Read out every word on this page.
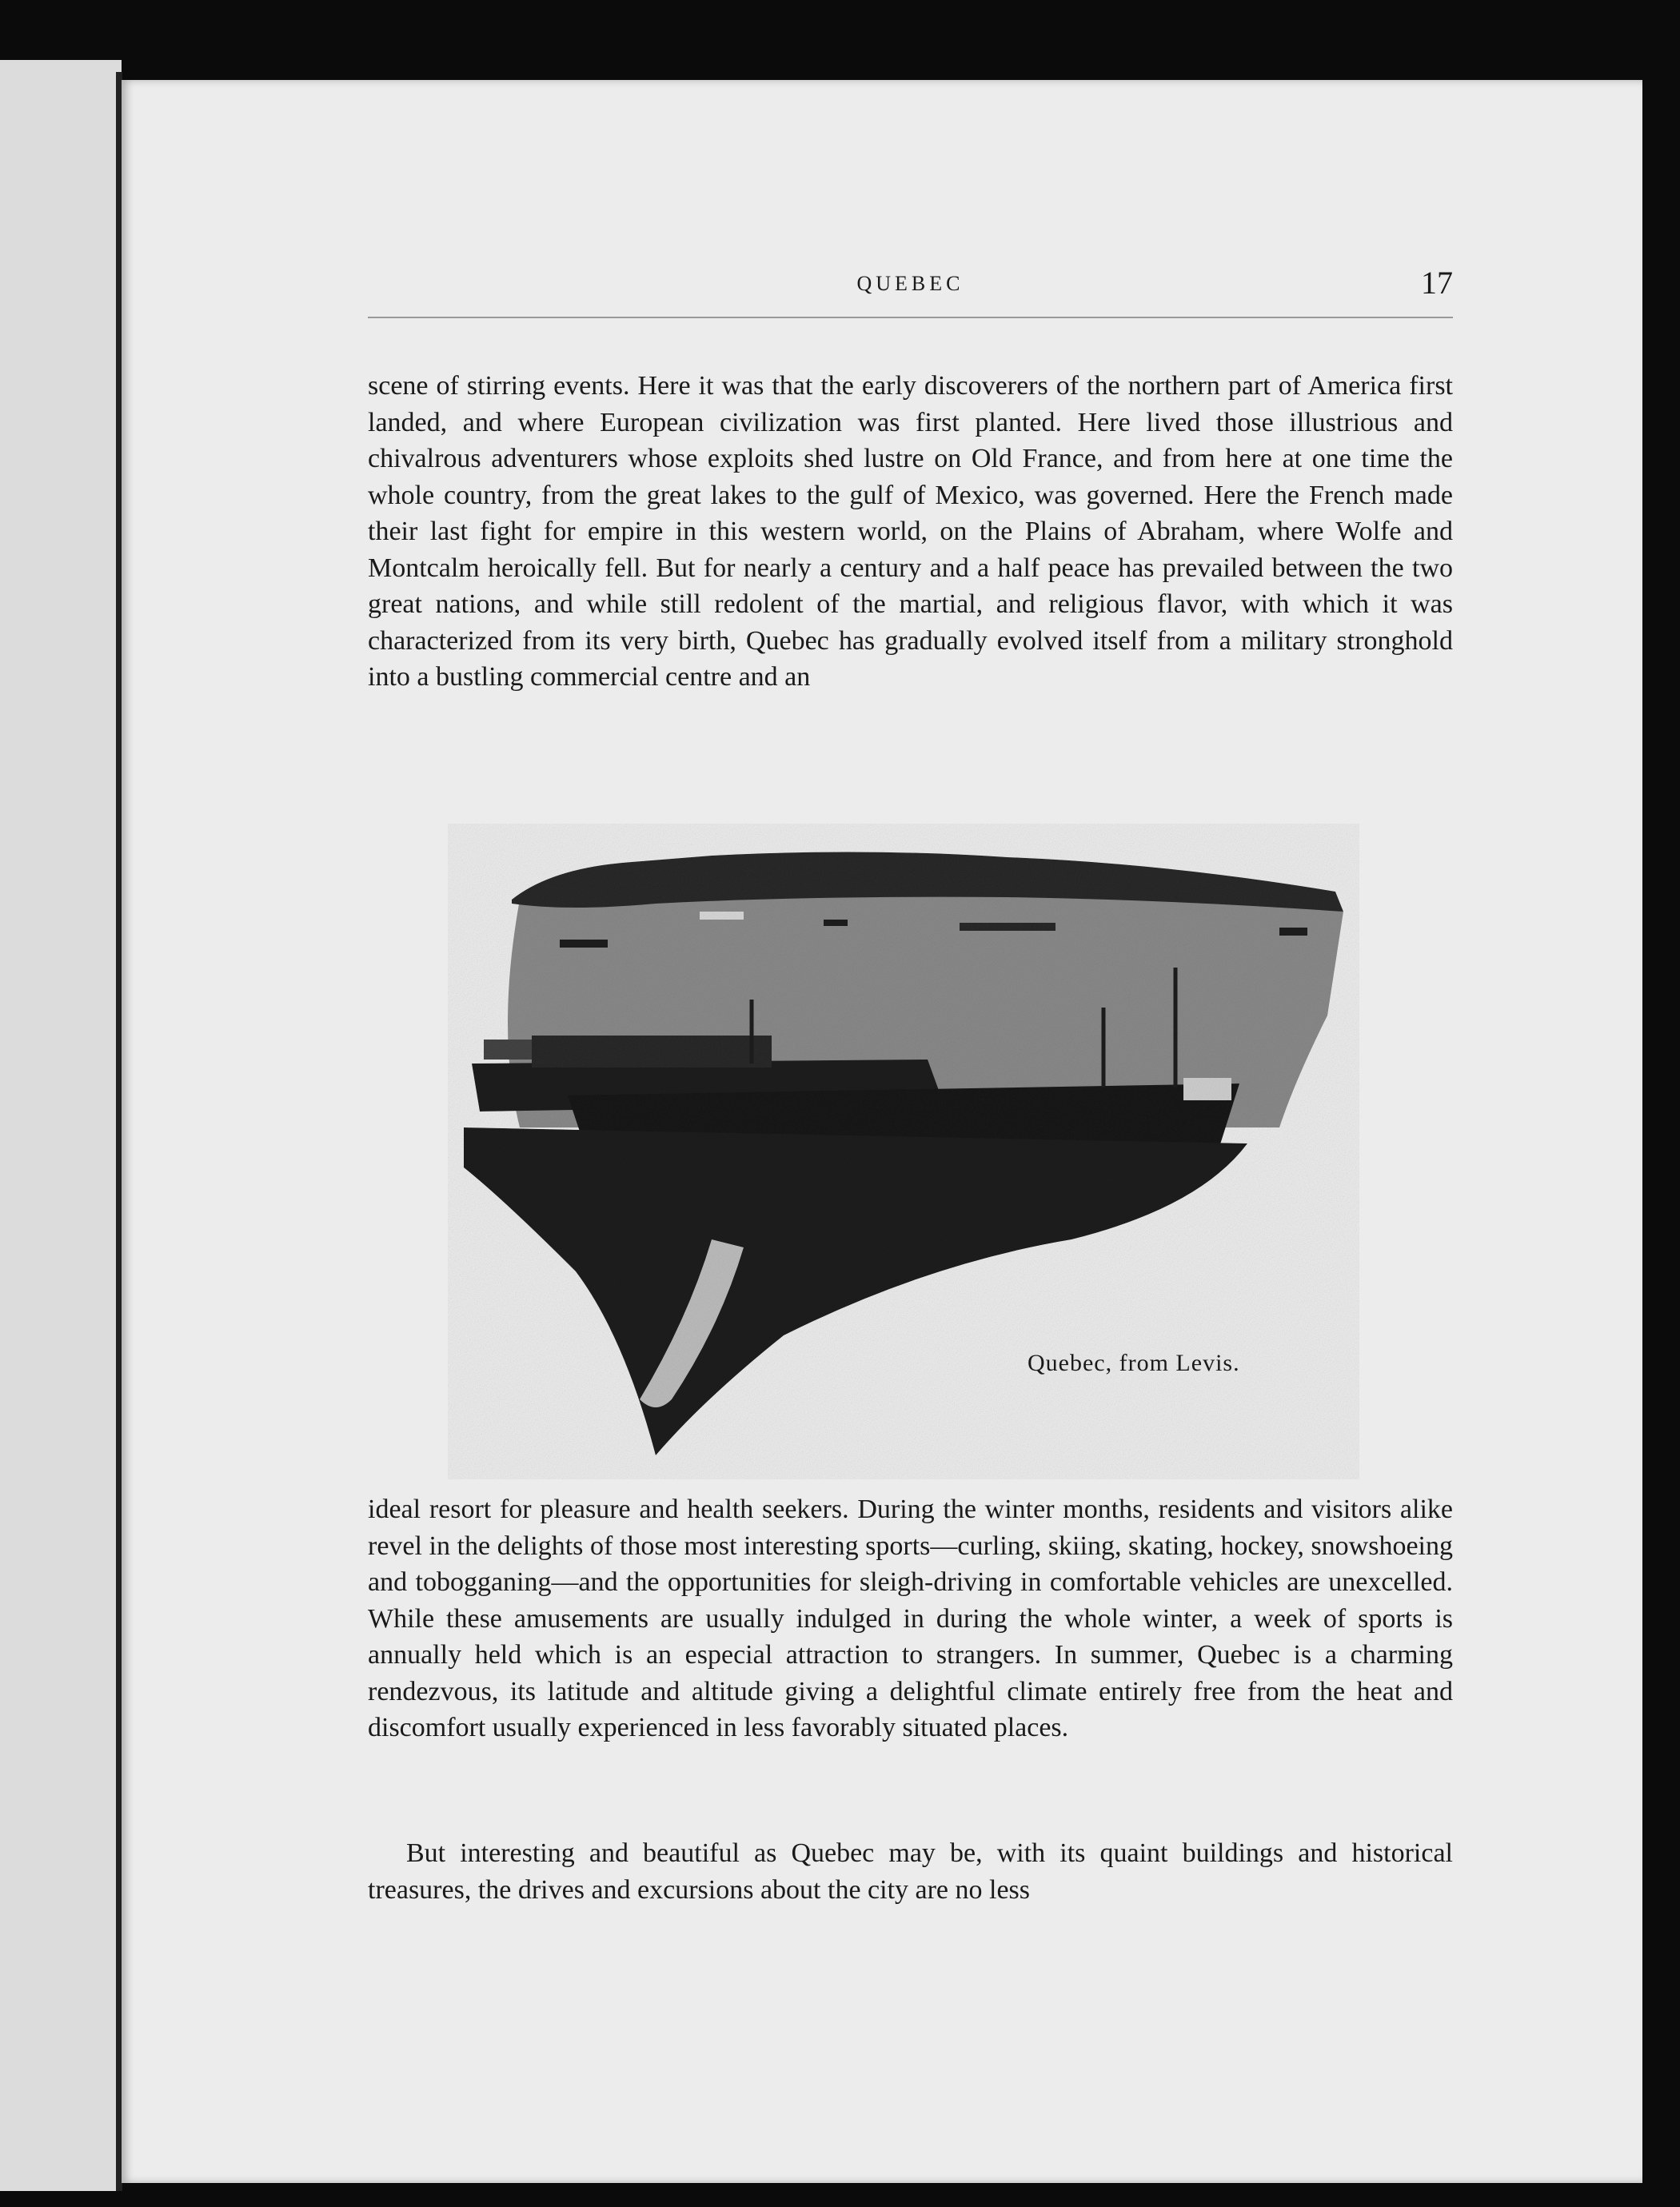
QUEBEC	17

scene of stirring events. Here it was that the early discoverers of the northern part of America first landed, and where European civilization was first planted. Here lived those illustrious and chivalrous adventurers whose exploits shed lustre on Old France, and from here at one time the whole country, from the great lakes to the gulf of Mexico, was governed. Here the French made their last fight for empire in this western world, on the Plains of Abraham, where Wolfe and Montcalm heroically fell. But for nearly a century and a half peace has prevailed between the two great nations, and while still redolent of the martial, and religious flavor, with which it was characterized from its very birth, Quebec has gradually evolved itself from a military stronghold into a bustling commercial centre and an

Quebec, from Levis.

ideal resort for pleasure and health seekers. During the winter months, residents and visitors alike revel in the delights of those most interesting sports—curling, skiing, skating, hockey, snowshoeing and tobogganing—and the opportunities for sleigh-driving in comfortable vehicles are unexcelled. While these amusements are usually indulged in during the whole winter, a week of sports is annually held which is an especial attraction to strangers. In summer, Quebec is a charming rendezvous, its latitude and altitude giving a delightful climate entirely free from the heat and discomfort usually experienced in less favorably situated places.

But interesting and beautiful as Quebec may be, with its quaint buildings and historical treasures, the drives and excursions about the city are no less
